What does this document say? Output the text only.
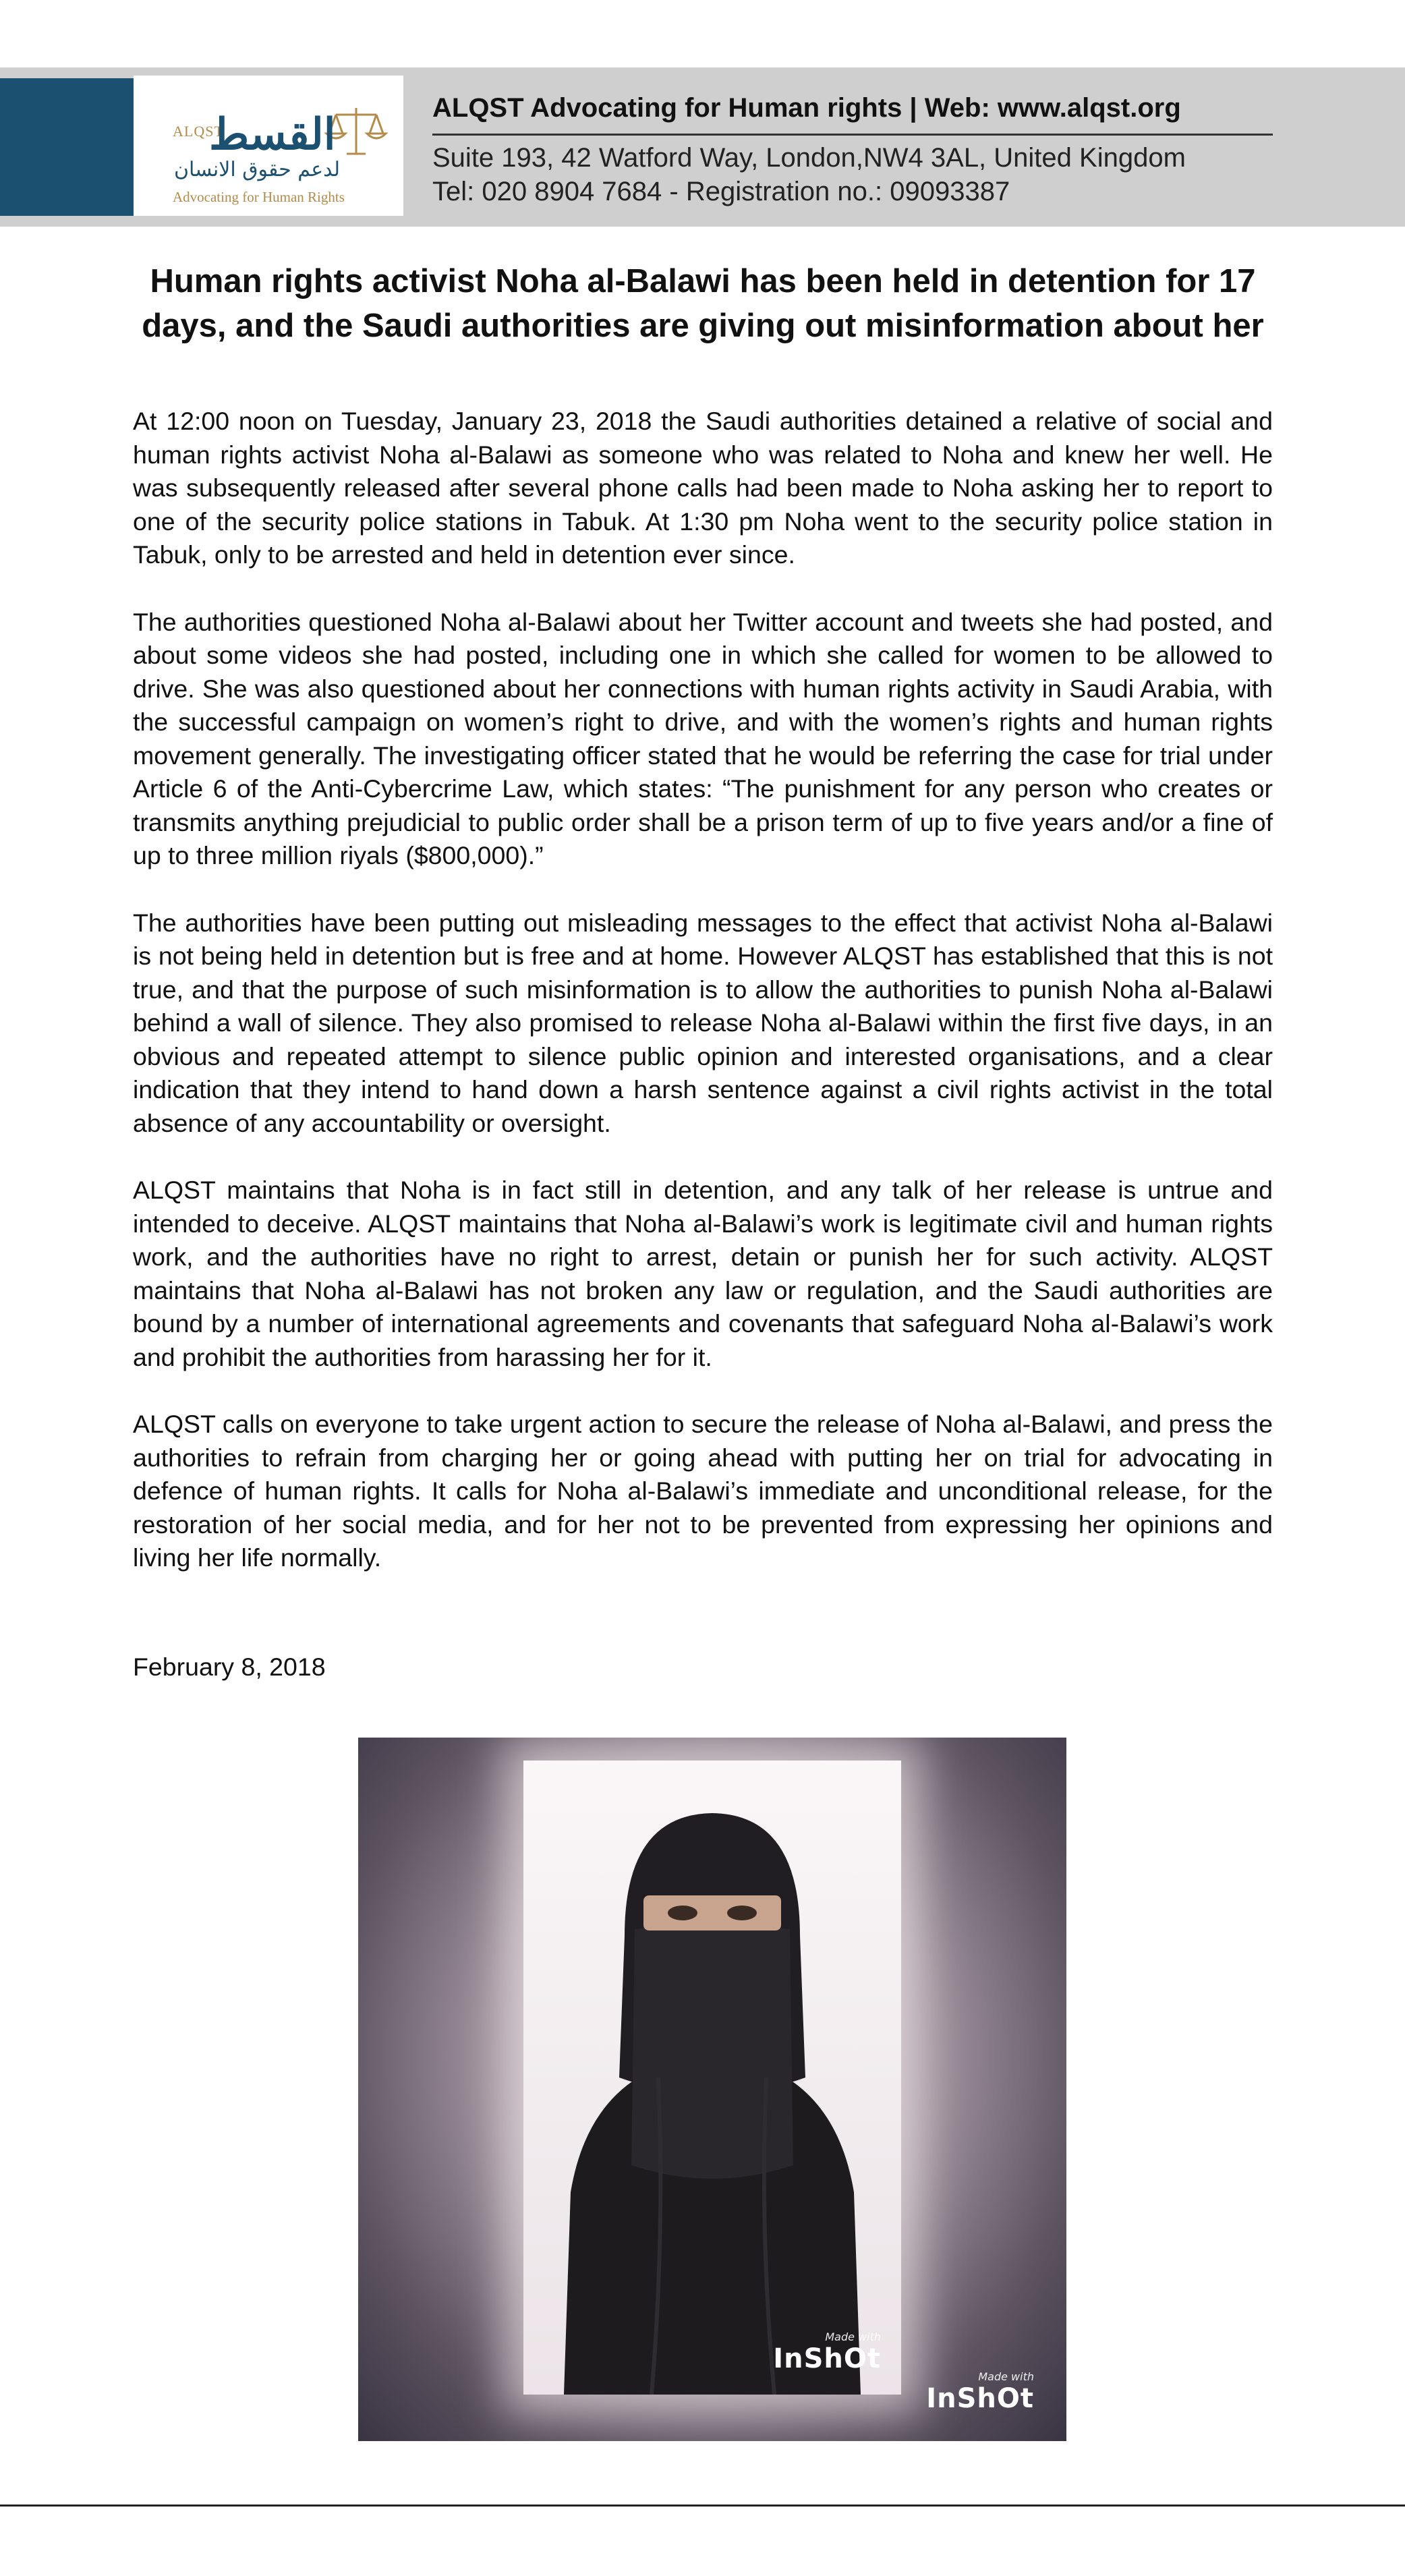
ALQST
القسط
لدعم حقوق الانسان
Advocating for Human Rights
ALQST Advocating for Human rights | Web: www.alqst.org
Suite 193, 42 Watford Way, London,NW4 3AL, United Kingdom
Tel: 020 8904 7684 - Registration no.: 09093387
Human rights activist Noha al-Balawi has been held in detention for 17 days, and the Saudi authorities are giving out misinformation about her

At 12:00 noon on Tuesday, January 23, 2018 the Saudi authorities detained a relative of social and human rights activist Noha al-Balawi as someone who was related to Noha and knew her well. He was subsequently released after several phone calls had been made to Noha asking her to report to one of the security police stations in Tabuk. At 1:30 pm Noha went to the security police station in Tabuk, only to be arrested and held in detention ever since.

The authorities questioned Noha al-Balawi about her Twitter account and tweets she had posted, and about some videos she had posted, including one in which she called for women to be allowed to drive. She was also questioned about her connections with human rights activity in Saudi Arabia, with the successful campaign on women’s right to drive, and with the women’s rights and human rights movement generally. The investigating officer stated that he would be referring the case for trial under Article 6 of the Anti-Cybercrime Law, which states: “The punishment for any person who creates or transmits anything prejudicial to public order shall be a prison term of up to five years and/or a fine of up to three million riyals ($800,000).”

The authorities have been putting out misleading messages to the effect that activist Noha al-Balawi is not being held in detention but is free and at home. However ALQST has established that this is not true, and that the purpose of such misinformation is to allow the authorities to punish Noha al-Balawi behind a wall of silence. They also promised to release Noha al-Balawi within the first five days, in an obvious and repeated attempt to silence public opinion and interested organisations, and a clear indication that they intend to hand down a harsh sentence against a civil rights activist in the total absence of any accountability or oversight.

ALQST maintains that Noha is in fact still in detention, and any talk of her release is untrue and intended to deceive. ALQST maintains that Noha al-Balawi’s work is legitimate civil and human rights work, and the authorities have no right to arrest, detain or punish her for such activity. ALQST maintains that Noha al-Balawi has not broken any law or regulation, and the Saudi authorities are bound by a number of international agreements and covenants that safeguard Noha al-Balawi’s work and prohibit the authorities from harassing her for it.

ALQST calls on everyone to take urgent action to secure the release of Noha al-Balawi, and press the authorities to refrain from charging her or going ahead with putting her on trial for advocating in defence of human rights. It calls for Noha al-Balawi’s immediate and unconditional release, for the restoration of her social media, and for her not to be prevented from expressing her opinions and living her life normally.

February 8, 2018
Made with
InShOt
Made with
InShOt
